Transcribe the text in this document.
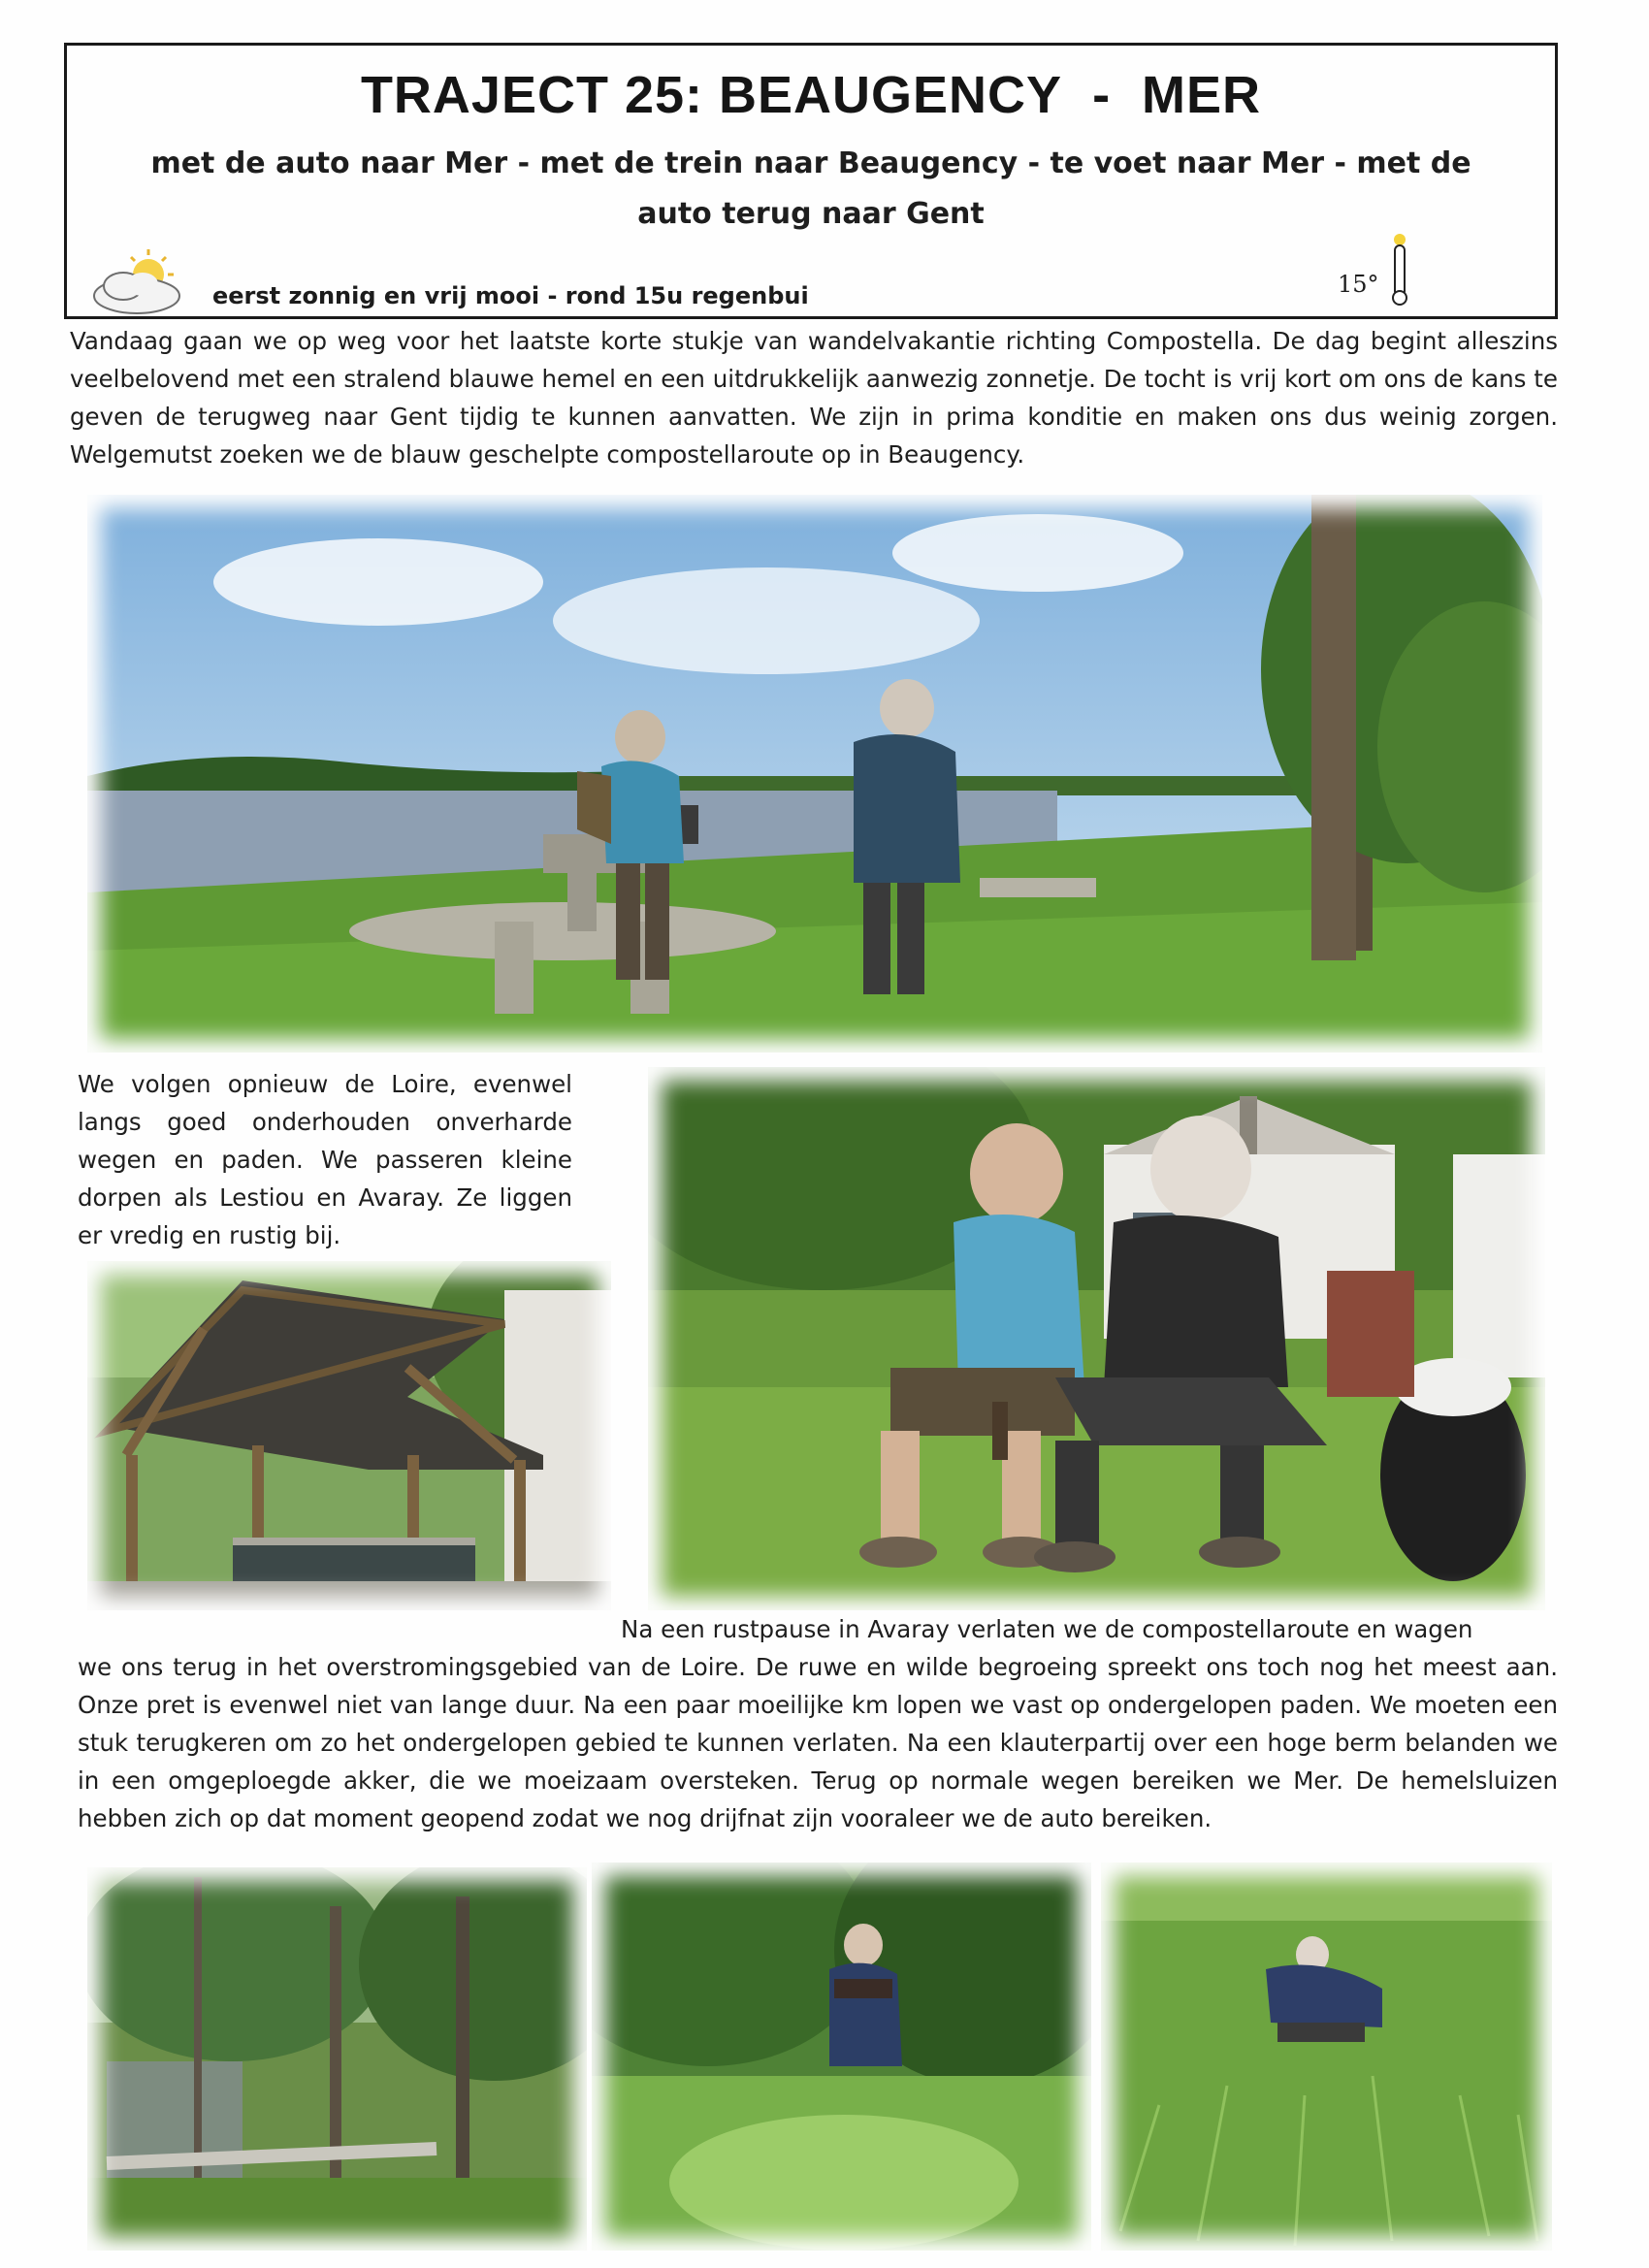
TRAJECT 25: BEAUGENCY  -  MER
met de auto naar Mer - met de trein naar Beaugency - te voet naar Mer - met de auto terug naar Gent
eerst zonnig en vrij mooi - rond 15u regenbui	15°
Vandaag gaan we op weg voor het laatste korte stukje van wandelvakantie richting Compostella. De dag begint alleszins veelbelovend met een stralend blauwe hemel en een uitdrukkelijk aanwezig zonnetje. De tocht is vrij kort om ons de kans te geven de terugweg naar Gent tijdig te kunnen aanvatten. We zijn in prima konditie en maken ons dus weinig zorgen. Welgemutst zoeken we de blauw geschelpte compostellaroute op in Beaugency.
We volgen opnieuw de Loire, evenwel langs goed onderhouden onverharde wegen en paden. We passeren kleine dorpen als Lestiou en Avaray. Ze liggen er vredig en rustig bij.
Na een rustpause in Avaray verlaten we de compostellaroute en wagen
we ons terug in het overstromingsgebied van de Loire. De ruwe en wilde begroeing spreekt ons toch nog het meest aan. Onze pret is evenwel niet van lange duur. Na een paar moeilijke km lopen we vast op ondergelopen paden. We moeten een stuk terugkeren om zo het ondergelopen gebied te kunnen verlaten. Na een klauterpartij over een hoge berm belanden we in een omgeploegde akker, die we moeizaam oversteken. Terug op normale wegen bereiken we Mer. De hemelsluizen hebben zich op dat moment geopend zodat we nog drijfnat zijn vooraleer we de auto bereiken.
